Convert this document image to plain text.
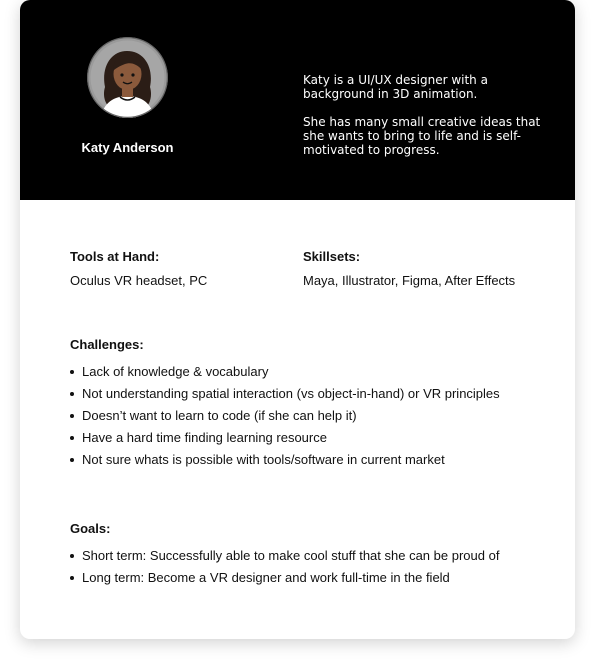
Katy Anderson

Katy is a UI/UX designer with a background in 3D animation.

She has many small creative ideas that she wants to bring to life and is self-motivated to progress.

Tools at Hand:
Oculus VR headset, PC
Skillsets:
Maya, Illustrator, Figma, After Effects
Challenges:
Lack of knowledge & vocabulary
Not understanding spatial interaction (vs object-in-hand) or VR principles
Doesn’t want to learn to code (if she can help it)
Have a hard time finding learning resource
Not sure whats is possible with tools/software in current market
Goals:
Short term: Successfully able to make cool stuff that she can be proud of
Long term: Become a VR designer and work full-time in the field
